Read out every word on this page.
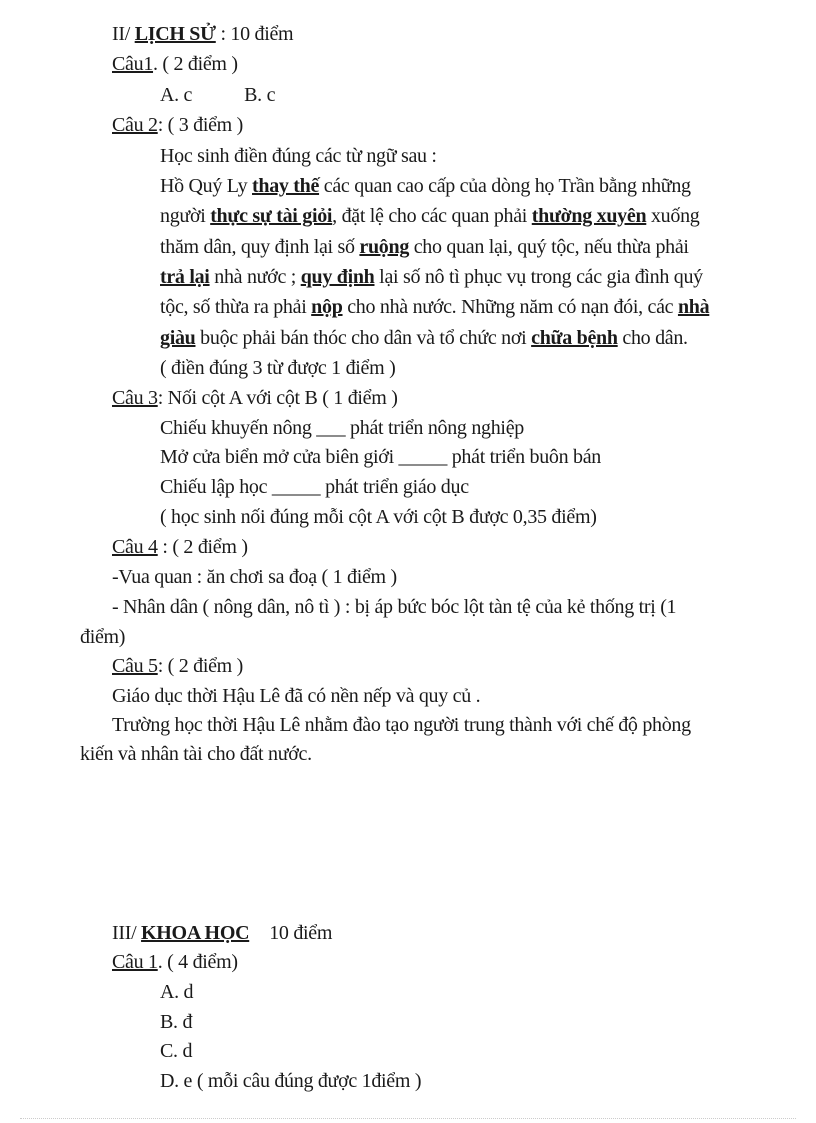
II/ LỊCH SỬ : 10 điểm
Câu1. ( 2 điểm )
A. c	B. c
Câu 2: ( 3 điểm )
Học sinh điền đúng các từ ngữ sau :
Hồ Quý Ly thay thế các quan cao cấp của dòng họ Trần bằng những
người thực sự tài giỏi, đặt lệ cho các quan phải thường xuyên xuống
thăm dân, quy định lại số ruộng cho quan lại, quý tộc, nếu thừa phải
trả lại nhà nước ; quy định lại số nô tì phục vụ trong các gia đình quý
tộc, số thừa ra phải nộp cho nhà nước. Những năm có nạn đói, các nhà
giàu buộc phải bán thóc cho dân và tổ chức nơi chữa bệnh cho dân.
( điền đúng 3 từ được 1 điểm )
Câu 3: Nối cột A với cột B ( 1 điểm )
Chiếu khuyến nông ___ phát triển nông nghiệp
Mở cửa biển mở cửa biên giới _____ phát triển buôn bán
Chiếu lập học _____ phát triển giáo dục
( học sinh nối đúng mỗi cột A với cột B được 0,35 điểm)
Câu 4 : ( 2 điểm )
-Vua quan : ăn chơi sa đoạ ( 1 điểm )
- Nhân dân ( nông dân, nô tì ) : bị áp bức bóc lột tàn tệ của kẻ thống trị (1
điểm)
Câu 5: ( 2 điểm )
Giáo dục thời Hậu Lê đã có nền nếp và quy củ .
Trường học thời Hậu Lê nhằm đào tạo người trung thành với chế độ phòng
kiến và nhân tài cho đất nước.
III/ KHOA HỌC 10 điểm
Câu 1. ( 4 điểm)
A. d
B. đ
C. d
D. e ( mỗi câu đúng được 1điểm )
